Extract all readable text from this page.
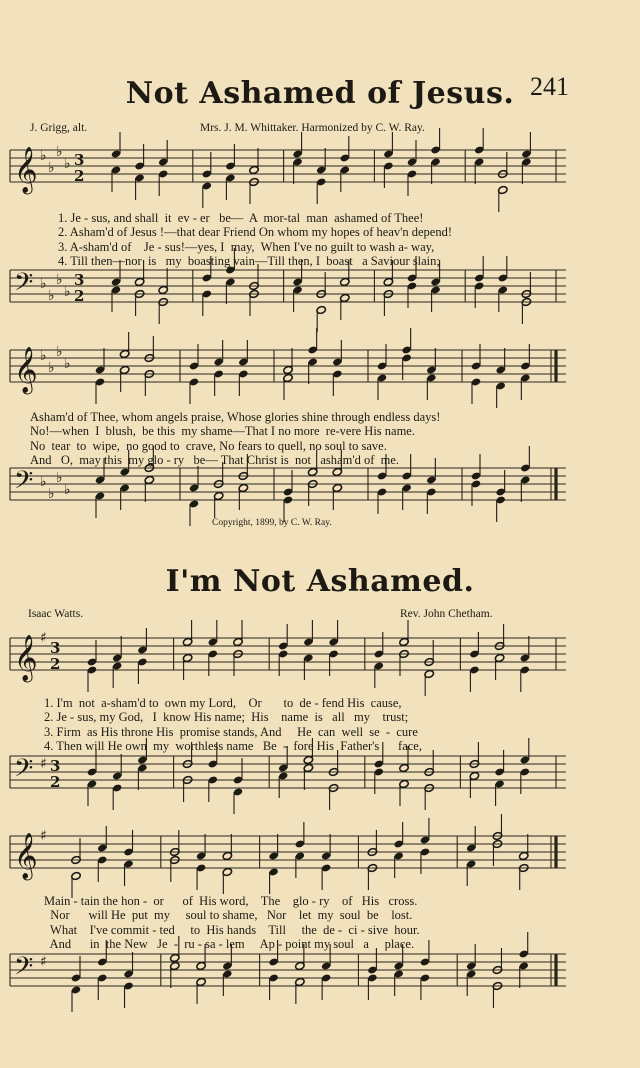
241
Not Ashamed of Jesus.
J. Grigg, alt.	Mrs. J. M. Whittaker. Harmonized by C. W. Ray.
𝄞 ♭
♭
♭
♭ 3
2

1. Je - sus, and shall  it  ev - er   be—  A  mor-tal  man  ashamed of Thee!
2. Asham'd of Jesus !—that dear Friend On whom my hopes of heav'n depend!
3. A-sham'd of    Je - sus!—yes, I  may,  When I've no guilt to wash a- way,
4. Till then—nor  is   my  boasting vain—Till then, I  boast   a Saviour slain;

𝄢 ♭
♭
♭
♭
3
2
𝄞 ♭
♭
♭
♭

Asham'd of Thee, whom angels praise, Whose glories shine through endless days!
No!—when  I  blush,  be this  my shame—That I no more  re-vere His name.
No  tear  to  wipe,  no good to  crave, No fears to quell, no soul to save.
And   O,  may this  my glo - ry   be— That Christ is  not   asham'd of  me.

𝄢 ♭
♭
♭
♭
Copyright, 1899, by C. W. Ray.
I'm Not Ashamed.
Isaac Watts.	Rev. John Chetham.
𝄞 ♯
3
2

1. I'm  not  a-sham'd to  own my Lord,    Or       to  de - fend His  cause,
2. Je - sus, my God,   I  know His name;  His    name  is   all   my    trust;
3. Firm  as His throne His  promise stands, And     He  can  well  se  -  cure
4. Then will He own  my  worthless name   Be  -  fore His  Father's      face,

𝄢 ♯ 3
2
𝄞 ♯

Main - tain the hon -  or      of  His word,    The    glo - ry    of   His   cross.
Nor      will He  put  my     soul to shame,   Nor    let  my  soul  be    lost.
What    I've commit - ted     to  His hands    Till     the  de -  ci - sive  hour.
And      in  the New   Je  -  ru - sa - lem     Ap - point my soul   a     place.

𝄢 ♯
